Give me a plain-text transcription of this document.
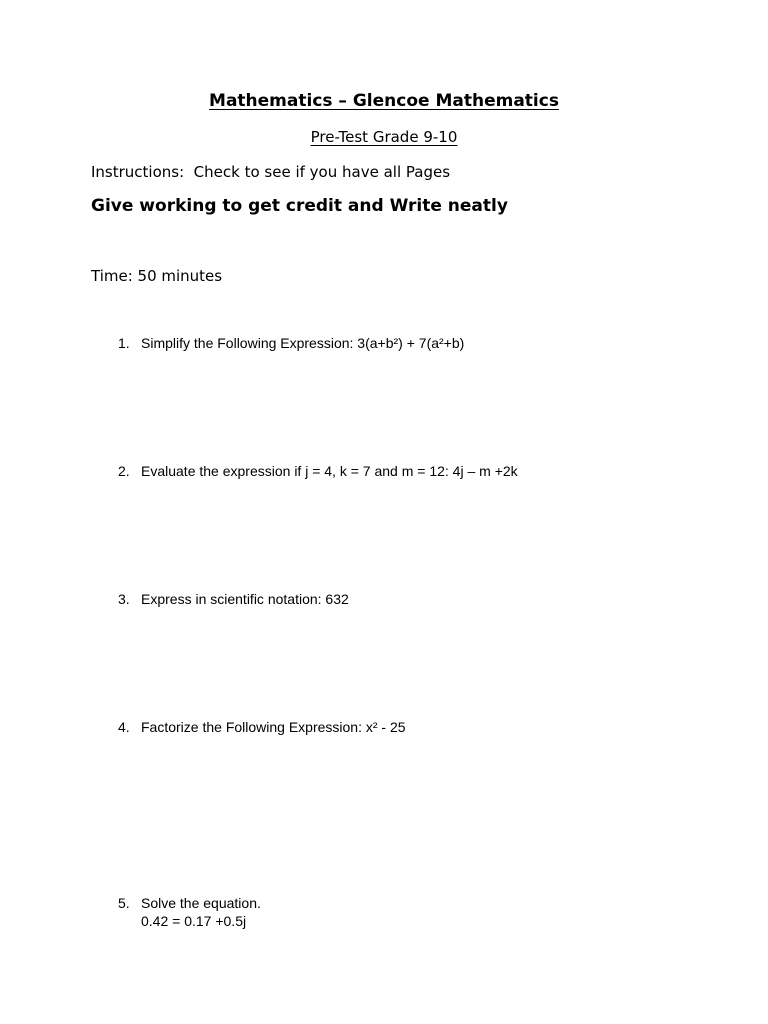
Mathematics – Glencoe Mathematics
Pre-Test Grade 9-10
Instructions:  Check to see if you have all Pages
Give working to get credit and Write neatly
Time: 50 minutes
1. Simplify the Following Expression: 3(a+b²) + 7(a²+b)
2. Evaluate the expression if j = 4, k = 7 and m = 12: 4j – m +2k
3. Express in scientific notation: 632
4. Factorize the Following Expression: x² - 25
5. Solve the equation.
0.42 = 0.17 +0.5j
